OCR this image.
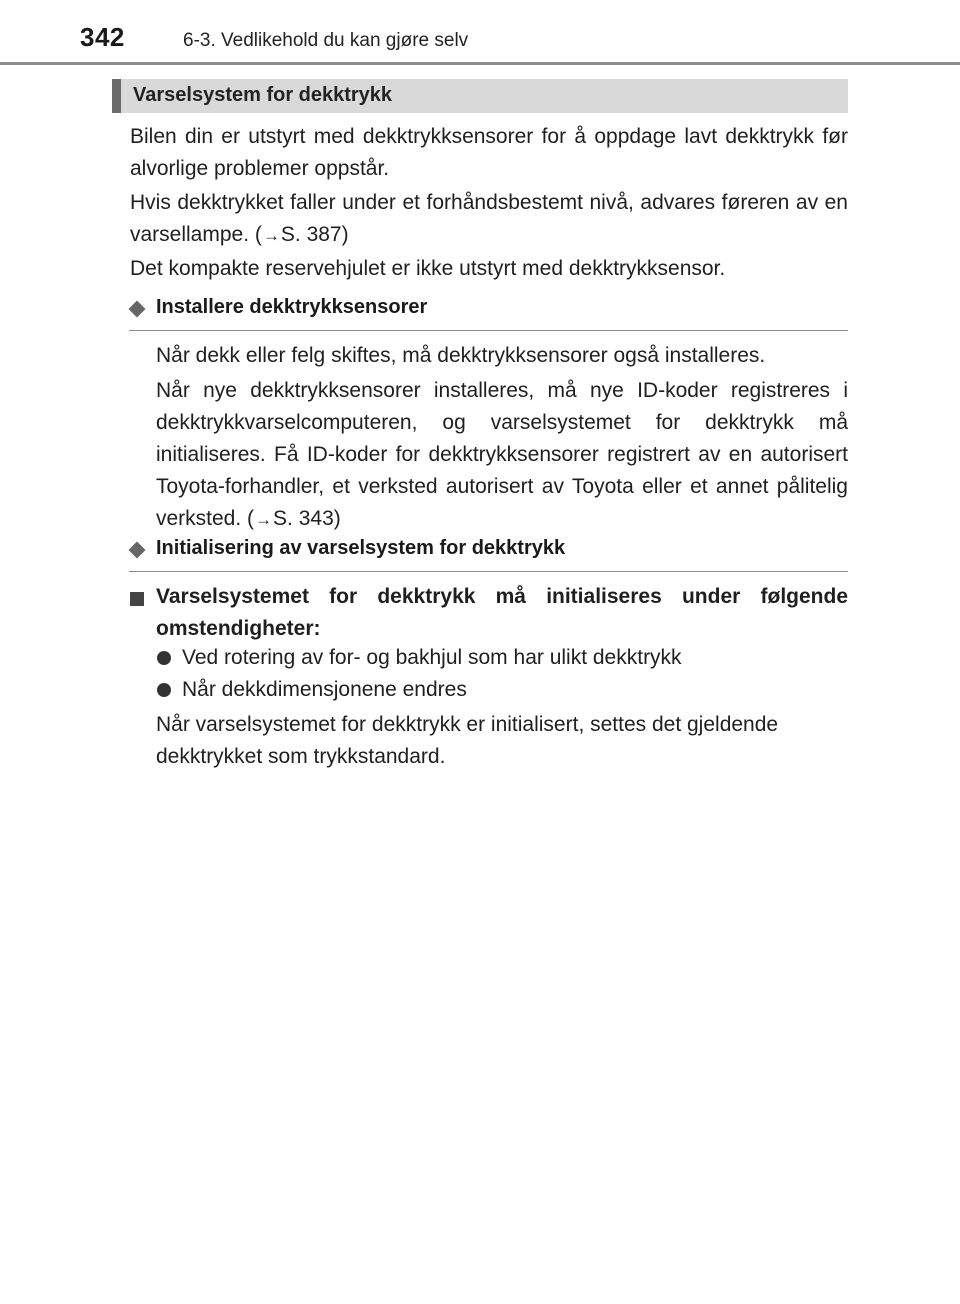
342	6-3. Vedlikehold du kan gjøre selv
Varselsystem for dekktrykk

Bilen din er utstyrt med dekktrykksensorer for å oppdage lavt dekktrykk før alvorlige problemer oppstår.

Hvis dekktrykket faller under et forhåndsbestemt nivå, advares føreren av en varsellampe. (→S. 387)

Det kompakte reservehjulet er ikke utstyrt med dekktrykksensor.

Installere dekktrykksensorer

Når dekk eller felg skiftes, må dekktrykksensorer også installeres.

Når nye dekktrykksensorer installeres, må nye ID-koder registreres i dekktrykkvarselcomputeren, og varselsystemet for dekktrykk må initialiseres. Få ID-koder for dekktrykksensorer registrert av en autorisert Toyota-forhandler, et verksted autorisert av Toyota eller et annet pålitelig verksted. (→S. 343)

Initialisering av varselsystem for dekktrykk

Varselsystemet for dekktrykk må initialiseres under følgende omstendigheter:

Ved rotering av for- og bakhjul som har ulikt dekktrykk

Når dekkdimensjonene endres

Når varselsystemet for dekktrykk er initialisert, settes det gjeldende dekktrykket som trykkstandard.
